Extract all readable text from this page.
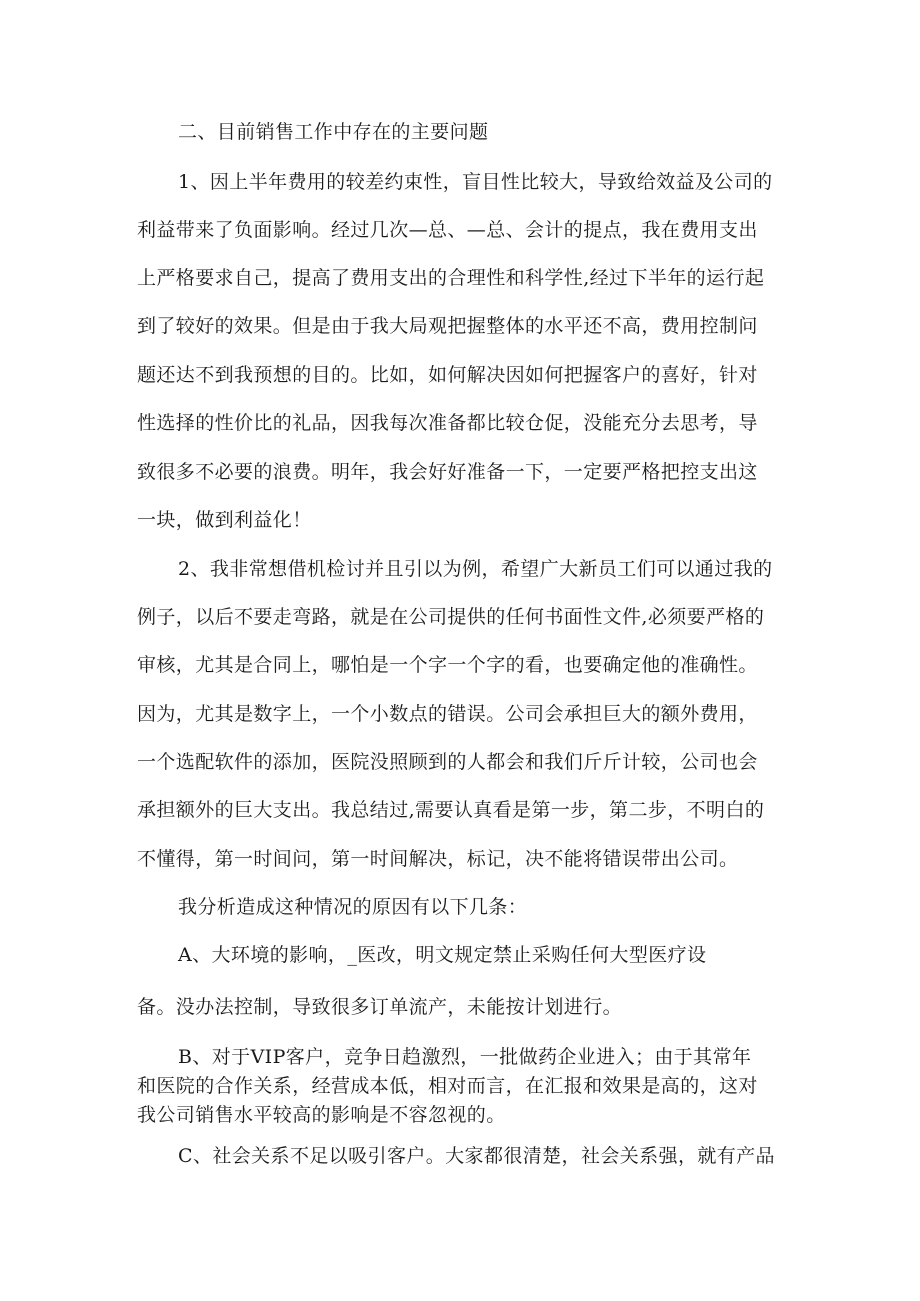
二、目前销售工作中存在的主要问题
1、因上半年费用的较差约束性，盲目性比较大，导致给效益及公司的
利益带来了负面影响。经过几次—总、—总、会计的提点，我在费用支出
上严格要求自己，提高了费用支出的合理性和科学性,经过下半年的运行起
到了较好的效果。但是由于我大局观把握整体的水平还不高，费用控制问
题还达不到我预想的目的。比如，如何解决因如何把握客户的喜好，针对
性选择的性价比的礼品，因我每次准备都比较仓促，没能充分去思考，导
致很多不必要的浪费。明年，我会好好准备一下，一定要严格把控支出这
一块，做到利益化！
2、我非常想借机检讨并且引以为例，希望广大新员工们可以通过我的
例子，以后不要走弯路，就是在公司提供的任何书面性文件,必须要严格的
审核，尤其是合同上，哪怕是一个字一个字的看，也要确定他的准确性。
因为，尤其是数字上，一个小数点的错误。公司会承担巨大的额外费用，
一个选配软件的添加，医院没照顾到的人都会和我们斤斤计较，公司也会
承担额外的巨大支出。我总结过,需要认真看是第一步，第二步，不明白的
不懂得，第一时间问，第一时间解决，标记，决不能将错误带出公司。
我分析造成这种情况的原因有以下几条：
A、大环境的影响，_医改，明文规定禁止采购任何大型医疗设
备。没办法控制，导致很多订单流产，未能按计划进行。
B、对于VIP客户，竞争日趋激烈，一批做药企业进入；由于其常年
和医院的合作关系，经营成本低，相对而言，在汇报和效果是高的，这对
我公司销售水平较高的影响是不容忽视的。
C、社会关系不足以吸引客户。大家都很清楚，社会关系强，就有产品
